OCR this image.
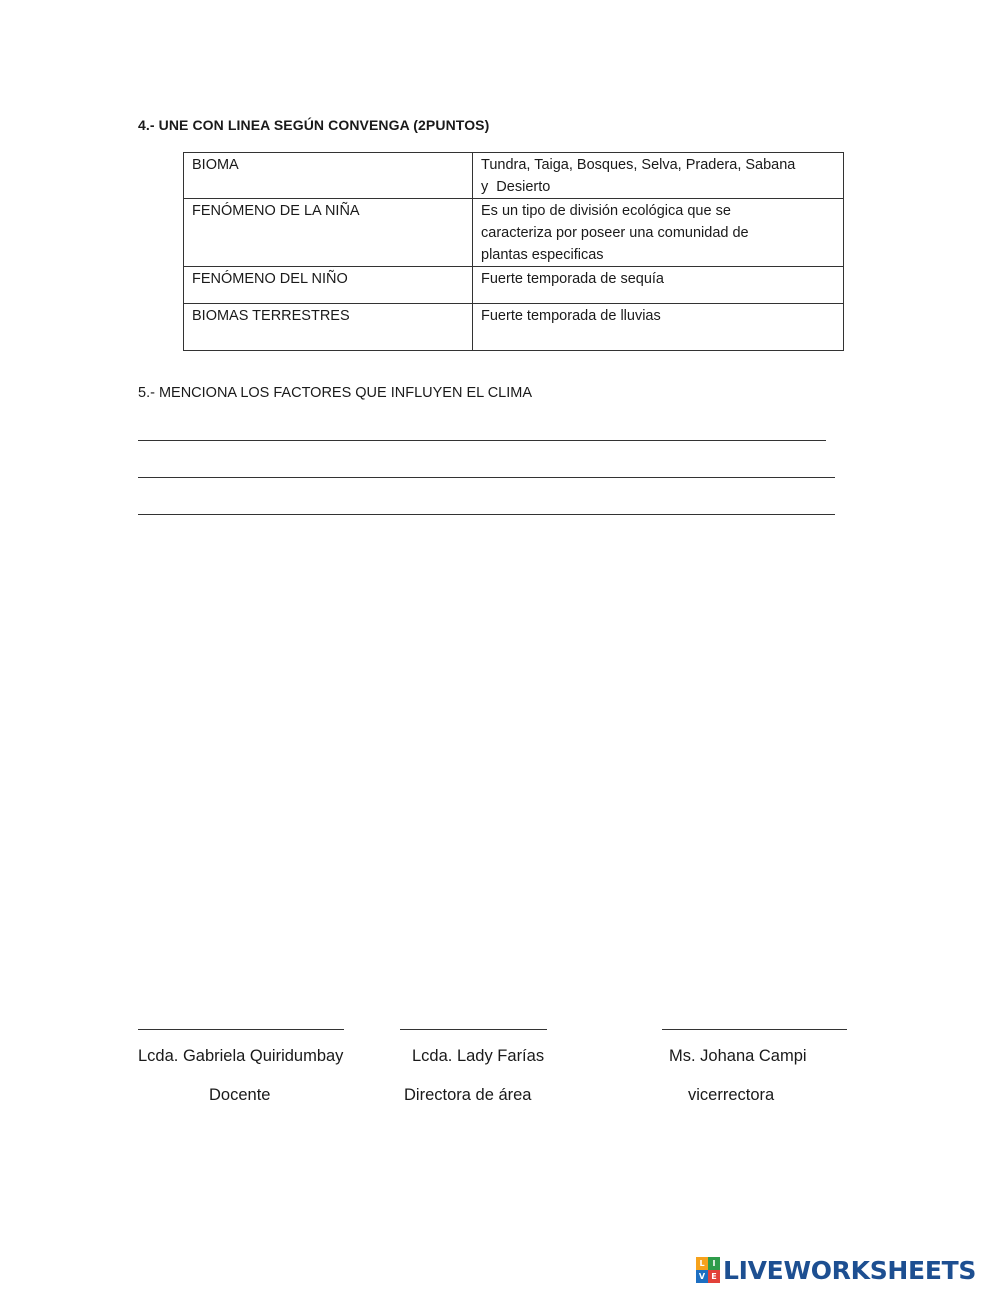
4.- UNE CON LINEA SEGÚN CONVENGA (2PUNTOS)
BIOMA	Tundra, Taiga, Bosques, Selva, Pradera, Sabana
y  Desierto

FENÓMENO DE LA NIÑA	Es un tipo de división ecológica que se
caracteriza por poseer una comunidad de
plantas especificas

FENÓMENO DEL NIÑO	Fuerte temporada de sequía

BIOMAS TERRESTRES	Fuerte temporada de lluvias
5.- MENCIONA LOS FACTORES QUE INFLUYEN EL CLIMA
Lcda. Gabriela Quiridumbay	Lcda. Lady Farías	Ms. Johana Campi
Docente	Directora de área	vicerrectora
L I
V E LIVEWORKSHEETS
